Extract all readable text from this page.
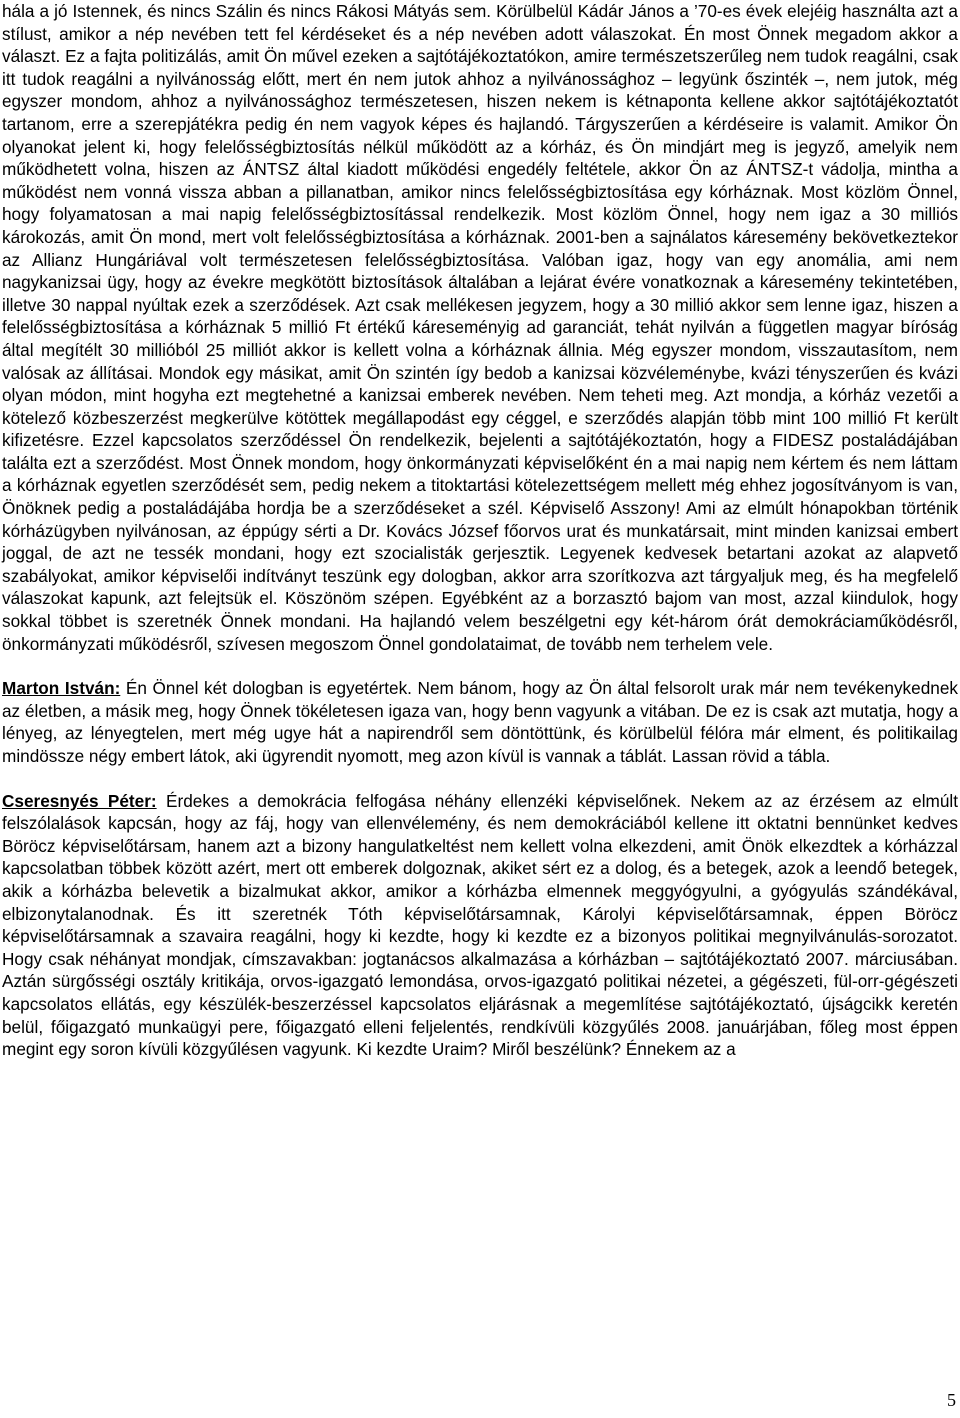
hála a jó Istennek, és nincs Szálin és nincs Rákosi Mátyás sem. Körülbelül Kádár János a ’70-es évek elejéig használta azt a stílust, amikor a nép nevében tett fel kérdéseket és a nép nevében adott válaszokat. Én most Önnek megadom akkor a választ. Ez a fajta politizálás, amit Ön művel ezeken a sajtótájékoztatókon, amire természetszerűleg nem tudok reagálni, csak itt tudok reagálni a nyilvánosság előtt, mert én nem jutok ahhoz a nyilvánossághoz – legyünk őszinték –, nem jutok, még egyszer mondom, ahhoz a nyilvánossághoz természetesen, hiszen nekem is kétnaponta kellene akkor sajtótájékoztatót tartanom, erre a szerepjátékra pedig én nem vagyok képes és hajlandó. Tárgyszerűen a kérdéseire is valamit. Amikor Ön olyanokat jelent ki, hogy felelősségbiztosítás nélkül működött az a kórház, és Ön mindjárt meg is jegyző, amelyik nem működhetett volna, hiszen az ÁNTSZ által kiadott működési engedély feltétele, akkor Ön az ÁNTSZ-t vádolja, mintha a működést nem vonná vissza abban a pillanatban, amikor nincs felelősségbiztosítása egy kórháznak. Most közlöm Önnel, hogy folyamatosan a mai napig felelősségbiztosítással rendelkezik. Most közlöm Önnel, hogy nem igaz a 30 milliós károkozás, amit Ön mond, mert volt felelősségbiztosítása a kórháznak. 2001-ben a sajnálatos káresemény bekövetkeztekor az Allianz Hungáriával volt természetesen felelősségbiztosítása. Valóban igaz, hogy van egy anomália, ami nem nagykanizsai ügy, hogy az évekre megkötött biztosítások általában a lejárat évére vonatkoznak a káresemény tekintetében, illetve 30 nappal nyúltak ezek a szerződések. Azt csak mellékesen jegyzem, hogy a 30 millió akkor sem lenne igaz, hiszen a felelősségbiztosítása a kórháznak 5 millió Ft értékű káreseményig ad garanciát, tehát nyilván a független magyar bíróság által megítélt 30 millióból 25 milliót akkor is kellett volna a kórháznak állnia. Még egyszer mondom, visszautasítom, nem valósak az állításai. Mondok egy másikat, amit Ön szintén így bedob a kanizsai közvéleménybe, kvázi tényszerűen és kvázi olyan módon, mint hogyha ezt megtehetné a kanizsai emberek nevében. Nem teheti meg. Azt mondja, a kórház vezetői a kötelező közbeszerzést megkerülve kötöttek megállapodást egy céggel, e szerződés alapján több mint 100 millió Ft került kifizetésre. Ezzel kapcsolatos szerződéssel Ön rendelkezik, bejelenti a sajtótájékoztatón, hogy a FIDESZ postaládájában találta ezt a szerződést. Most Önnek mondom, hogy önkormányzati képviselőként én a mai napig nem kértem és nem láttam a kórháznak egyetlen szerződését sem, pedig nekem a titoktartási kötelezettségem mellett még ehhez jogosítványom is van, Önöknek pedig a postaládájába hordja be a szerződéseket a szél. Képviselő Asszony! Ami az elmúlt hónapokban történik kórházügyben nyilvánosan, az éppúgy sérti a Dr. Kovács József főorvos urat és munkatársait, mint minden kanizsai embert joggal, de azt ne tessék mondani, hogy ezt szocialisták gerjesztik. Legyenek kedvesek betartani azokat az alapvető szabályokat, amikor képviselői indítványt teszünk egy dologban, akkor arra szorítkozva azt tárgyaljuk meg, és ha megfelelő válaszokat kapunk, azt felejtsük el. Köszönöm szépen. Egyébként az a borzasztó bajom van most, azzal kiindulok, hogy sokkal többet is szeretnék Önnek mondani. Ha hajlandó velem beszélgetni egy két-három órát demokráciaműködésről, önkormányzati működésről, szívesen megoszom Önnel gondolataimat, de tovább nem terhelem vele.

Marton István: Én Önnel két dologban is egyetértek. Nem bánom, hogy az Ön által felsorolt urak már nem tevékenykednek az életben, a másik meg, hogy Önnek tökéletesen igaza van, hogy benn vagyunk a vitában. De ez is csak azt mutatja, hogy a lényeg, az lényegtelen, mert még ugye hát a napirendről sem döntöttünk, és körülbelül félóra már elment, és politikailag mindössze négy embert látok, aki ügyrendit nyomott, meg azon kívül is vannak a táblát. Lassan rövid a tábla.

Cseresnyés Péter: Érdekes a demokrácia felfogása néhány ellenzéki képviselőnek. Nekem az az érzésem az elmúlt felszólalások kapcsán, hogy az fáj, hogy van ellenvélemény, és nem demokráciából kellene itt oktatni bennünket kedves Böröcz képviselőtársam, hanem azt a bizony hangulatkeltést nem kellett volna elkezdeni, amit Önök elkezdtek a kórházzal kapcsolatban többek között azért, mert ott emberek dolgoznak, akiket sért ez a dolog, és a betegek, azok a leendő betegek, akik a kórházba belevetik a bizalmukat akkor, amikor a kórházba elmennek meggyógyulni, a gyógyulás szándékával, elbizonytalanodnak. És itt szeretnék Tóth képviselőtársamnak, Károlyi képviselőtársamnak, éppen Böröcz képviselőtársamnak a szavaira reagálni, hogy ki kezdte, hogy ki kezdte ez a bizonyos politikai megnyilvánulás-sorozatot. Hogy csak néhányat mondjak, címszavakban: jogtanácsos alkalmazása a kórházban – sajtótájékoztató 2007. márciusában. Aztán sürgősségi osztály kritikája, orvos-igazgató lemondása, orvos-igazgató politikai nézetei, a gégészeti, fül-orr-gégészeti kapcsolatos ellátás, egy készülék-beszerzéssel kapcsolatos eljárásnak a megemlítése sajtótájékoztató, újságcikk keretén belül, főigazgató munkaügyi pere, főigazgató elleni feljelentés, rendkívüli közgyűlés 2008. januárjában, főleg most éppen megint egy soron kívüli közgyűlésen vagyunk. Ki kezdte Uraim? Miről beszélünk? Énnekem az a

5
